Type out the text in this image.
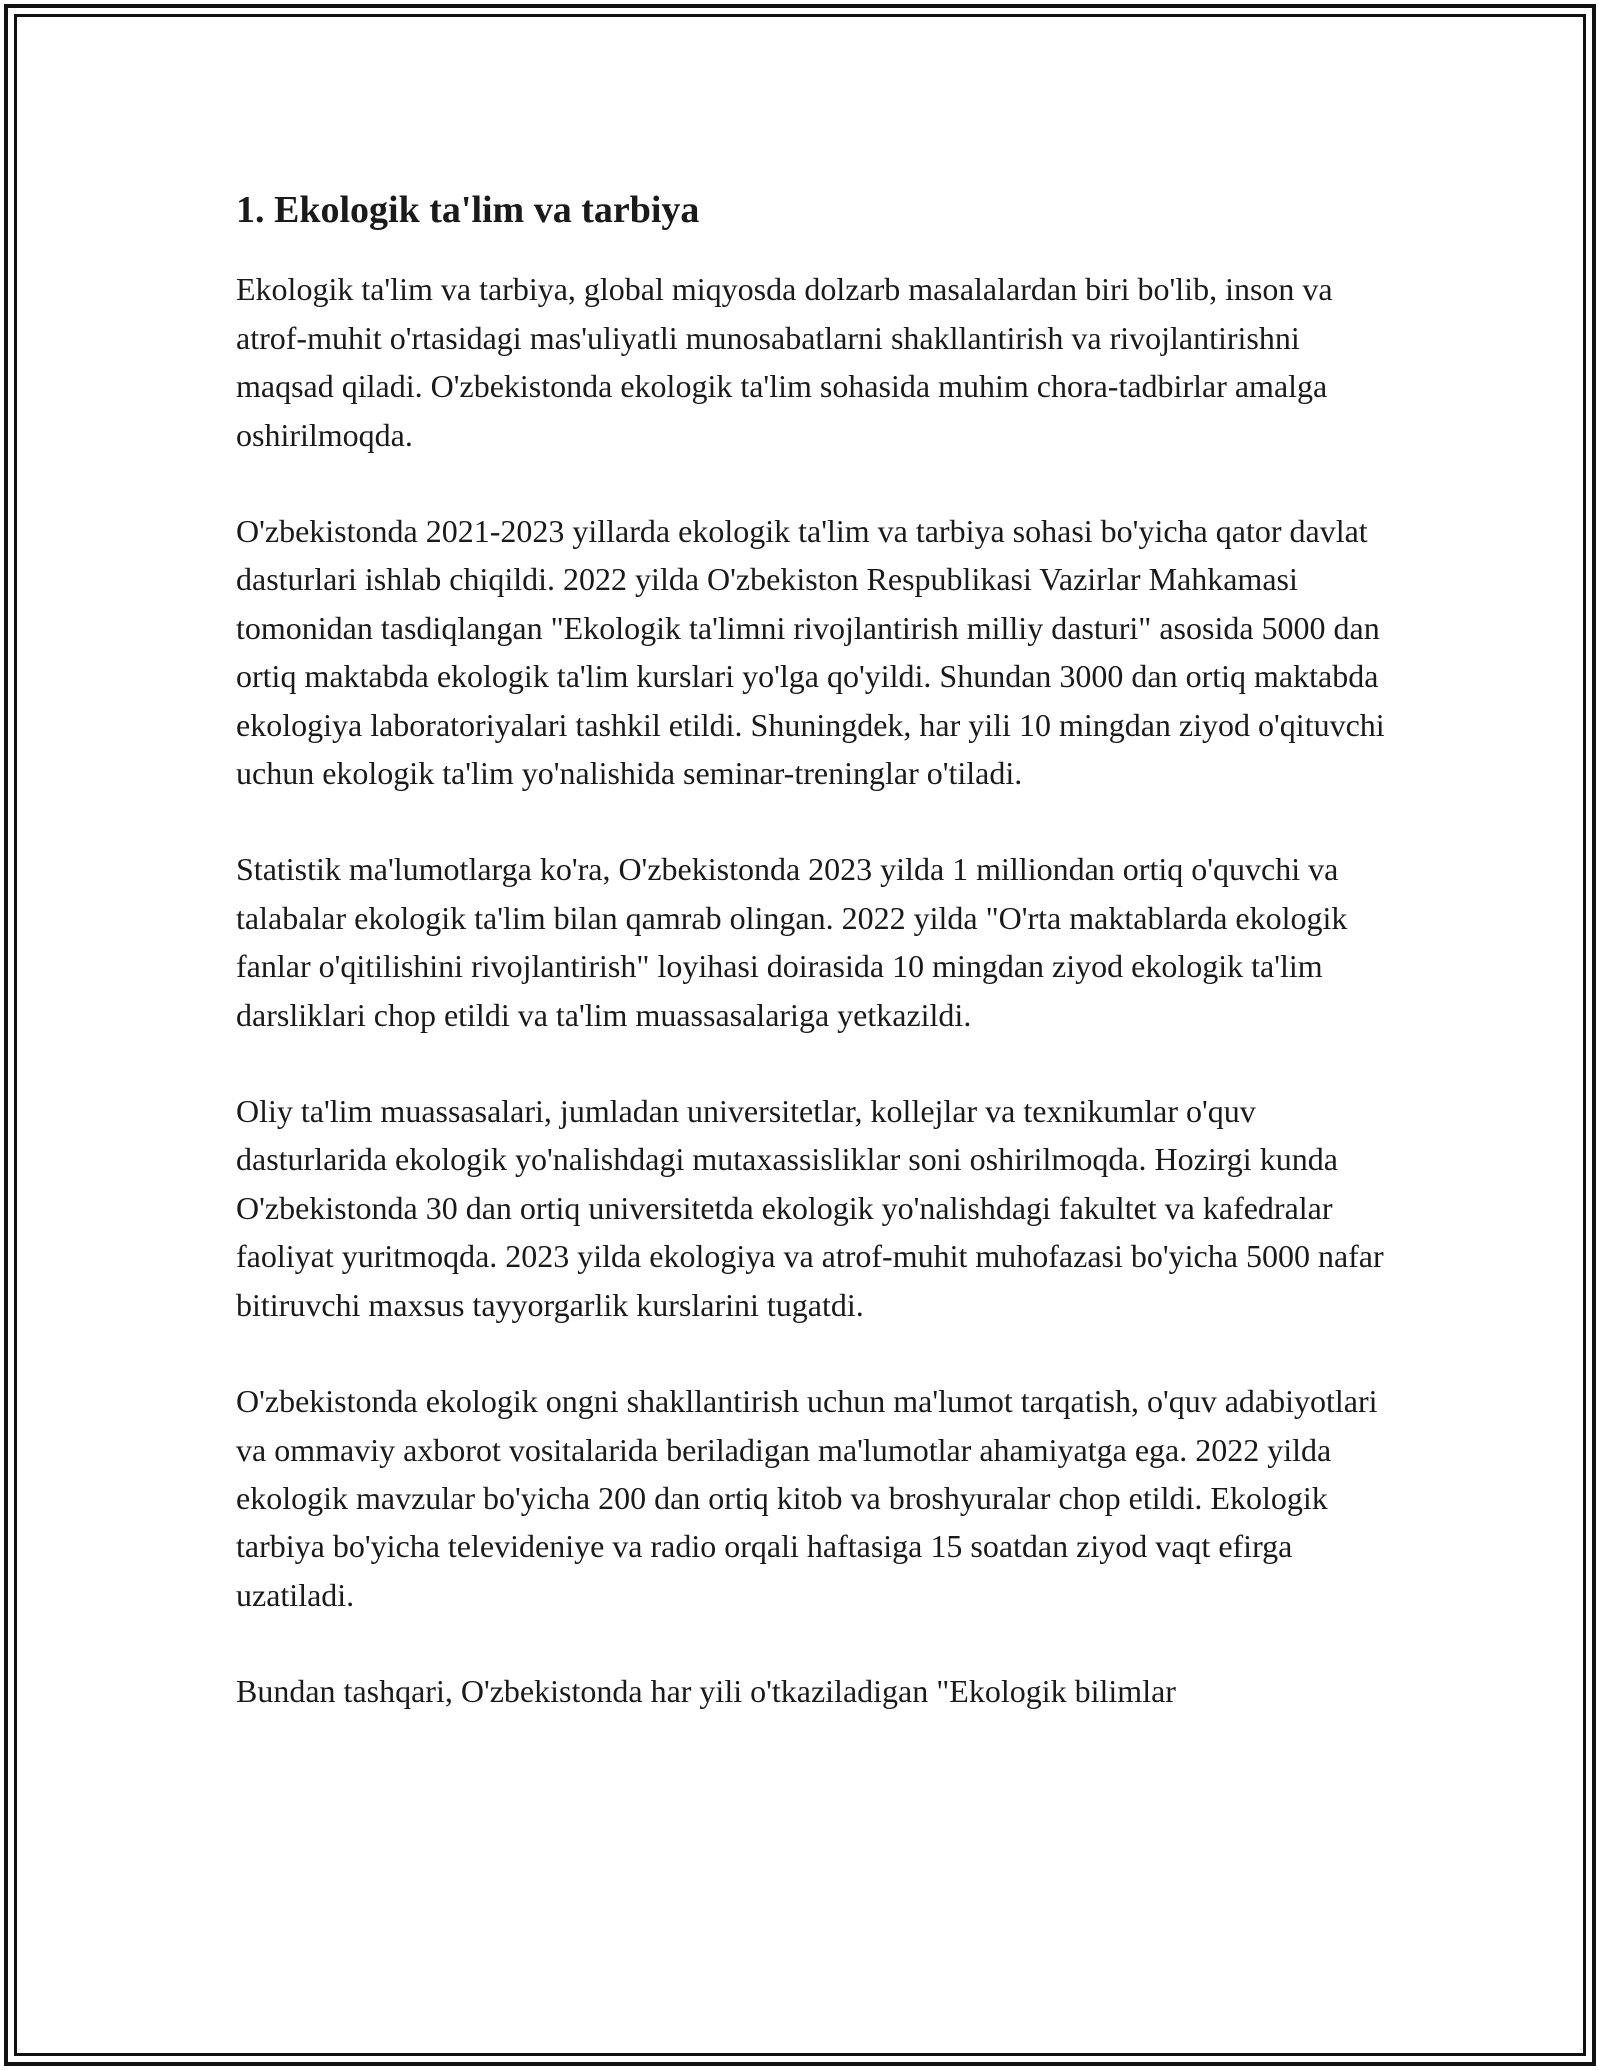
1. Ekologik ta'lim va tarbiya

Ekologik ta'lim va tarbiya, global miqyosda dolzarb masalalardan biri bo'lib, inson va atrof-muhit o'rtasidagi mas'uliyatli munosabatlarni shakllantirish va rivojlantirishni maqsad qiladi. O'zbekistonda ekologik ta'lim sohasida muhim chora-tadbirlar amalga oshirilmoqda.

O'zbekistonda 2021-2023 yillarda ekologik ta'lim va tarbiya sohasi bo'yicha qator davlat dasturlari ishlab chiqildi. 2022 yilda O'zbekiston Respublikasi Vazirlar Mahkamasi tomonidan tasdiqlangan "Ekologik ta'limni rivojlantirish milliy dasturi" asosida 5000 dan ortiq maktabda ekologik ta'lim kurslari yo'lga qo'yildi. Shundan 3000 dan ortiq maktabda ekologiya laboratoriyalari tashkil etildi. Shuningdek, har yili 10 mingdan ziyod o'qituvchi uchun ekologik ta'lim yo'nalishida seminar-treninglar o'tiladi.

Statistik ma'lumotlarga ko'ra, O'zbekistonda 2023 yilda 1 milliondan ortiq o'quvchi va talabalar ekologik ta'lim bilan qamrab olingan. 2022 yilda "O'rta maktablarda ekologik fanlar o'qitilishini rivojlantirish" loyihasi doirasida 10 mingdan ziyod ekologik ta'lim darsliklari chop etildi va ta'lim muassasalariga yetkazildi.

Oliy ta'lim muassasalari, jumladan universitetlar, kollejlar va texnikumlar o'quv dasturlarida ekologik yo'nalishdagi mutaxassisliklar soni oshirilmoqda. Hozirgi kunda O'zbekistonda 30 dan ortiq universitetda ekologik yo'nalishdagi fakultet va kafedralar faoliyat yuritmoqda. 2023 yilda ekologiya va atrof-muhit muhofazasi bo'yicha 5000 nafar bitiruvchi maxsus tayyorgarlik kurslarini tugatdi.

O'zbekistonda ekologik ongni shakllantirish uchun ma'lumot tarqatish, o'quv adabiyotlari va ommaviy axborot vositalarida beriladigan ma'lumotlar ahamiyatga ega. 2022 yilda ekologik mavzular bo'yicha 200 dan ortiq kitob va broshyuralar chop etildi. Ekologik tarbiya bo'yicha televideniye va radio orqali haftasiga 15 soatdan ziyod vaqt efirga uzatiladi.

Bundan tashqari, O'zbekistonda har yili o'tkaziladigan "Ekologik bilimlar
